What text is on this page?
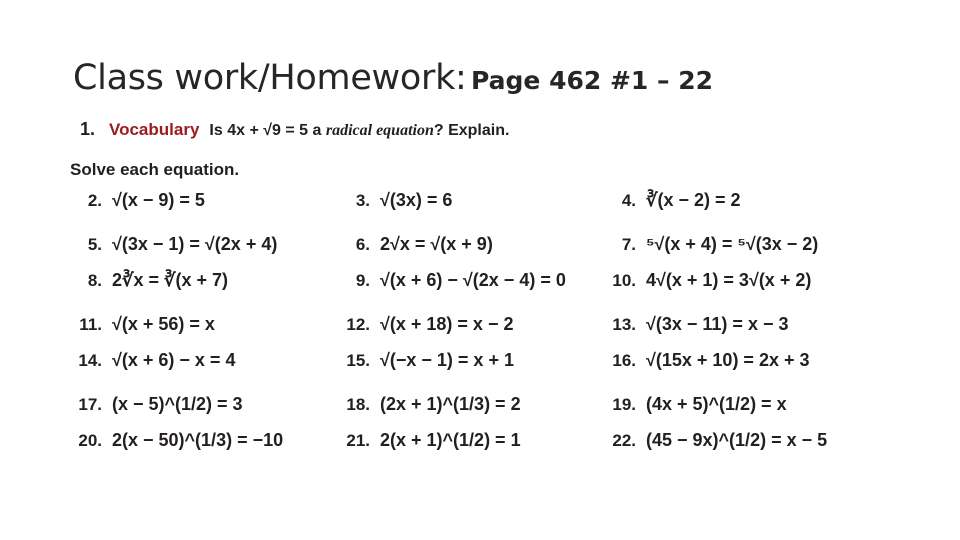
Class work/Homework: Page 462 #1 – 22
1. Vocabulary Is 4x + √9 = 5 a radical equation? Explain.
Solve each equation.
2. √(x − 9) = 5	3. √(3x) = 6	4. ∛(x − 2) = 2
5. √(3x − 1) = √(2x + 4)	6. 2√x = √(x + 9)	7. ⁵√(x + 4) = ⁵√(3x − 2)
8. 2∛x = ∛(x + 7)	9. √(x + 6) − √(2x − 4) = 0	10. 4√(x + 1) = 3√(x + 2)
11. √(x + 56) = x	12. √(x + 18) = x − 2	13. √(3x − 11) = x − 3
14. √(x + 6) − x = 4	15. √(−x − 1) = x + 1	16. √(15x + 10) = 2x + 3
17. (x − 5)^(1/2) = 3	18. (2x + 1)^(1/3) = 2	19. (4x + 5)^(1/2) = x
20. 2(x − 50)^(1/3) = −10	21. 2(x + 1)^(1/2) = 1	22. (45 − 9x)^(1/2) = x − 5
